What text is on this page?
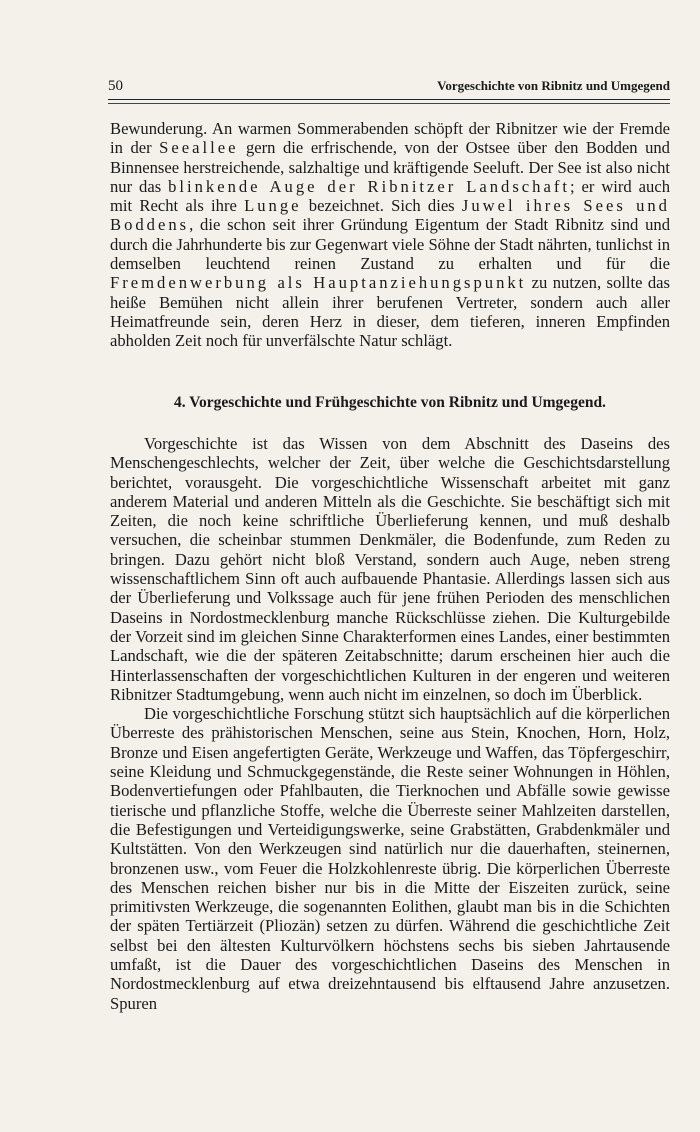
50	Vorgeschichte von Ribnitz und Umgegend

Bewunderung. An warmen Sommerabenden schöpft der Ribnitzer wie der Fremde in der Seeallee gern die erfrischende, von der Ostsee über den Bodden und Binnensee herstreichende, salzhaltige und kräftigende Seeluft. Der See ist also nicht nur das blinkende Auge der Ribnitzer Landschaft; er wird auch mit Recht als ihre Lunge bezeichnet. Sich dies Juwel ihres Sees und Boddens, die schon seit ihrer Gründung Eigentum der Stadt Ribnitz sind und durch die Jahrhunderte bis zur Gegenwart viele Söhne der Stadt nährten, tunlichst in demselben leuchtend reinen Zustand zu erhalten und für die Fremdenwerbung als Hauptanziehungspunkt zu nutzen, sollte das heiße Bemühen nicht allein ihrer berufenen Vertreter, sondern auch aller Heimatfreunde sein, deren Herz in dieser, dem tieferen, inneren Empfinden abholden Zeit noch für unverfälschte Natur schlägt.

4. Vorgeschichte und Frühgeschichte von Ribnitz und Umgegend.

Vorgeschichte ist das Wissen von dem Abschnitt des Daseins des Menschengeschlechts, welcher der Zeit, über welche die Geschichtsdarstellung berichtet, vorausgeht. Die vorgeschichtliche Wissenschaft arbeitet mit ganz anderem Material und anderen Mitteln als die Geschichte. Sie beschäftigt sich mit Zeiten, die noch keine schriftliche Überlieferung kennen, und muß deshalb versuchen, die scheinbar stummen Denkmäler, die Bodenfunde, zum Reden zu bringen. Dazu gehört nicht bloß Verstand, sondern auch Auge, neben streng wissenschaftlichem Sinn oft auch aufbauende Phantasie. Allerdings lassen sich aus der Überlieferung und Volkssage auch für jene frühen Perioden des menschlichen Daseins in Nordostmecklenburg manche Rückschlüsse ziehen. Die Kulturgebilde der Vorzeit sind im gleichen Sinne Charakterformen eines Landes, einer bestimmten Landschaft, wie die der späteren Zeitabschnitte; darum erscheinen hier auch die Hinterlassenschaften der vorgeschichtlichen Kulturen in der engeren und weiteren Ribnitzer Stadtumgebung, wenn auch nicht im einzelnen, so doch im Überblick.

Die vorgeschichtliche Forschung stützt sich hauptsächlich auf die körperlichen Überreste des prähistorischen Menschen, seine aus Stein, Knochen, Horn, Holz, Bronze und Eisen angefertigten Geräte, Werkzeuge und Waffen, das Töpfergeschirr, seine Kleidung und Schmuckgegenstände, die Reste seiner Wohnungen in Höhlen, Bodenvertiefungen oder Pfahlbauten, die Tierknochen und Abfälle sowie gewisse tierische und pflanzliche Stoffe, welche die Überreste seiner Mahlzeiten darstellen, die Befestigungen und Verteidigungswerke, seine Grabstätten, Grabdenkmäler und Kultstätten. Von den Werkzeugen sind natürlich nur die dauerhaften, steinernen, bronzenen usw., vom Feuer die Holzkohlenreste übrig. Die körperlichen Überreste des Menschen reichen bisher nur bis in die Mitte der Eiszeiten zurück, seine primitivsten Werkzeuge, die sogenannten Eolithen, glaubt man bis in die Schichten der späten Tertiärzeit (Pliozän) setzen zu dürfen. Während die geschichtliche Zeit selbst bei den ältesten Kulturvölkern höchstens sechs bis sieben Jahrtausende umfaßt, ist die Dauer des vorgeschichtlichen Daseins des Menschen in Nordostmecklenburg auf etwa dreizehntausend bis elftausend Jahre anzusetzen. Spuren
